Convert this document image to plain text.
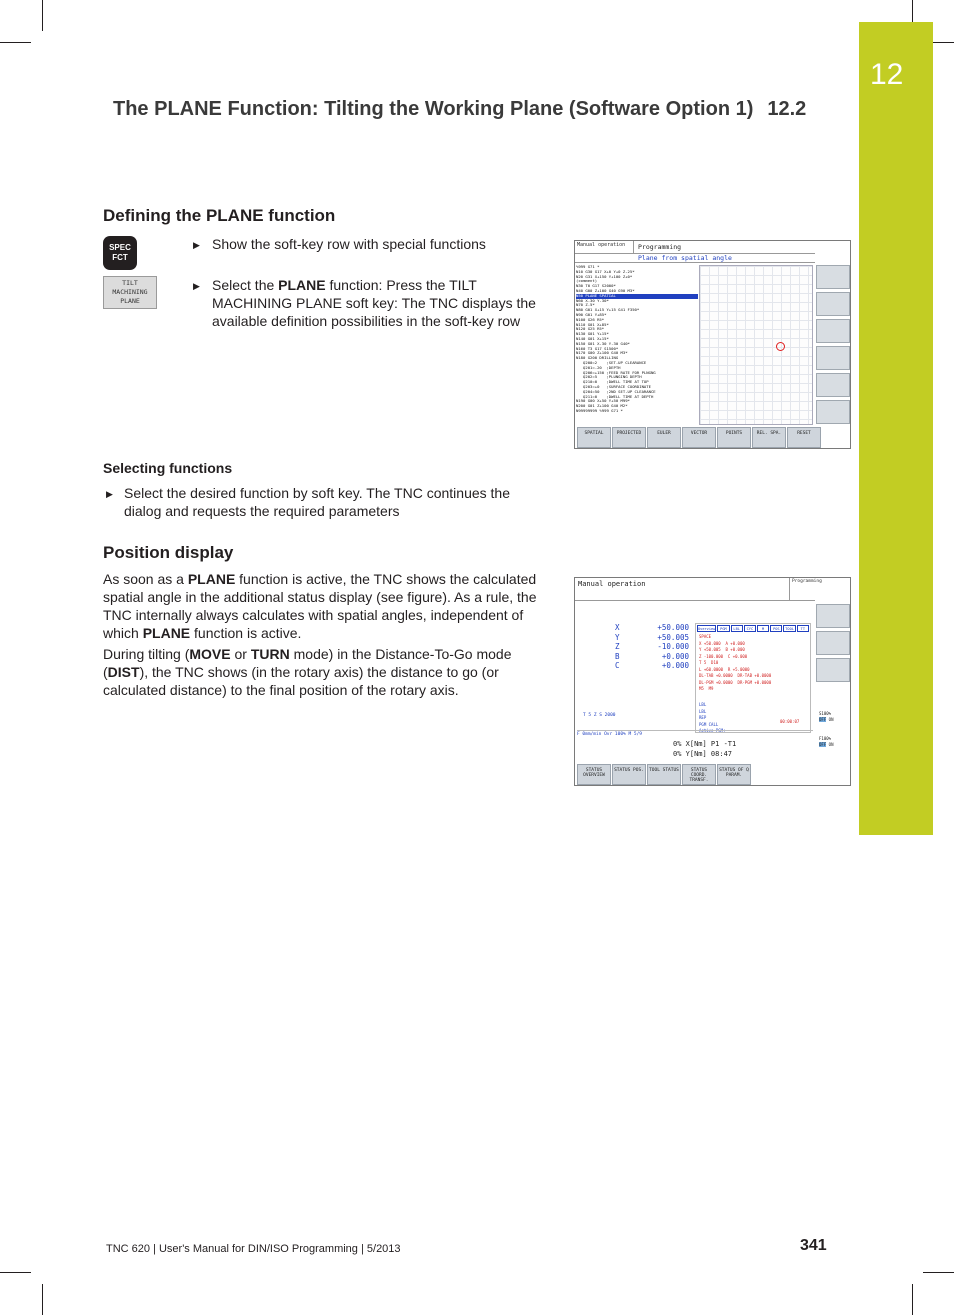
12
The PLANE Function: Tilting the Working Plane (Software Option 1) 12.2
Defining the PLANE function
SPEC
FCT
▶ Show the soft-key row with special functions
TILT
MACHINING
PLANE
▶ Select the PLANE function: Press the TILT MACHINING PLANE soft key: The TNC displays the available definition possibilities in the soft-key row
Manual operation Programming
Plane from spatial angle
%999 G71 *
N10 G30 G17 X+0 Y+0 Z-25*
N20 G31 X+150 Y+100 Z+0*
(comment)
N30 T0 G17 S2000*
N40 G00 Z+100 G40 G90 M3*
N50 PLANE SPATIAL
N60 X-30 Y-30*
N70 Z-5*
N80 G01 X+15 Y+15 G41 F350*
N90 G01 Y+85*
N100 G26 R5*
N110 G01 X+85*
N120 G25 R5*
N130 G01 Y+15*
N140 G01 X+15*
N150 G01 X-30 Y-30 G40*
N160 T3 G17 S1500*
N170 G00 Z+100 G40 M3*
N180 G200 DRILLING
Q200=2    ;SET-UP CLEARANCE
Q201=-20  ;DEPTH
Q206=+150 ;FEED RATE FOR PLNGNG
Q202=5    ;PLUNGING DEPTH
Q210=0    ;DWELL TIME AT TOP
Q203=+0   ;SURFACE COORDINATE
Q204=50   ;2ND SET-UP CLEARANCE
Q211=0    ;DWELL TIME AT DEPTH
N190 G00 X+50 Y+50 M99*
N200 G01 Z+100 G40 M2*
N99999999 %999 G71 *
SPATIAL	PROJECTED	EULER	VECTOR	POINTS	REL. SPA.	RESET
Selecting functions
▶ Select the desired function by soft key. The TNC continues the dialog and requests the required parameters
Position display
As soon as a PLANE function is active, the TNC shows the calculated spatial angle in the additional status display (see figure). As a rule, the TNC internally always calculates with spatial angles, independent of which PLANE function is active.
During tilting (MOVE or TURN mode) in the Distance-To-Go mode (DIST), the TNC shows (in the rotary axis) the distance to go (or calculated distance) to the final position of the rotary axis.
Manual operation	Programming
X	+50.000
Y	+50.005
Z	-10.000
B	+0.000
C	+0.000
Overview	PGM	LBL	CYC	M	POS	TOOL	TT
SPACE
X +50.000  A +0.000
Y +50.005  B +0.000
Z -100.000  C +0.000
T 5  D10
L +60.0000  R +5.0000
DL-TAB +0.0000  DR-TAB +0.0000
DL-PGM +0.0000  DR-PGM +0.0000
M5  M9
LBL
LBL
REP
PGM CALL
Active PGM:
00:00:07
T 5 Z S 2000
F 0mm/min Ovr 100% M 5/9
0% X[Nm] P1 -T1
0% Y[Nm] 08:47
S100%
OFF ON
F100%
OFF ON
STATUS OVERVIEW
STATUS POS.	TOOL STATUS	STATUS COORD. TRANSF.
STATUS OF Q PARAM.
TNC 620 | User's Manual for DIN/ISO Programming | 5/2013	341
